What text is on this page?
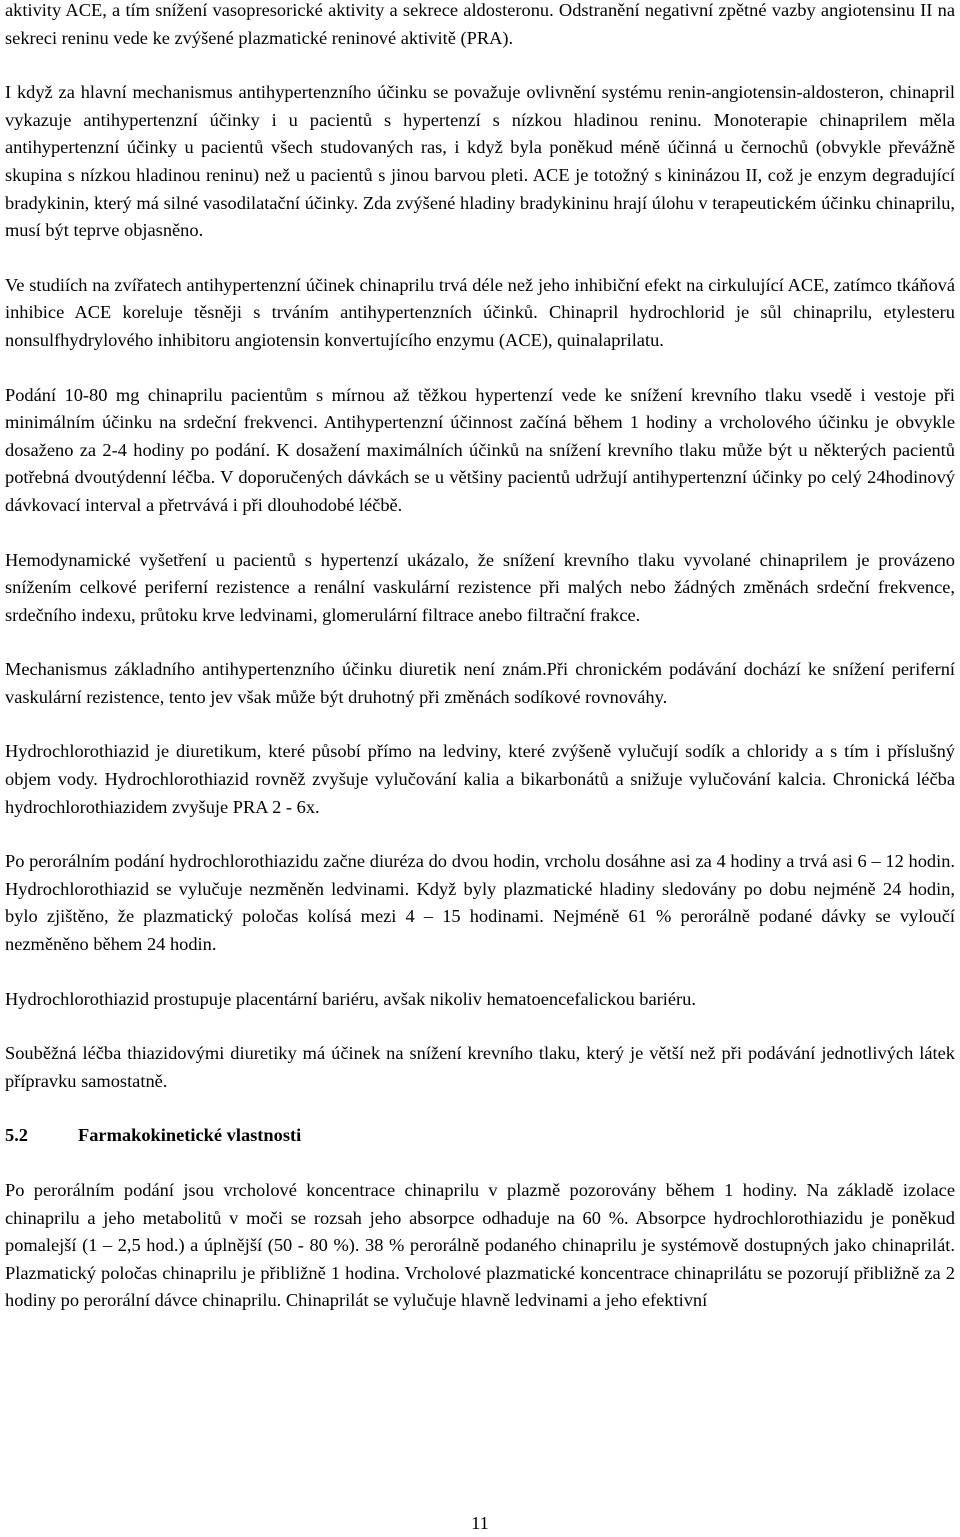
aktivity ACE, a tím snížení vasopresorické aktivity a sekrece aldosteronu. Odstranění negativní zpětné vazby angiotensinu II na sekreci reninu vede ke zvýšené plazmatické reninové aktivitě (PRA).

I když za hlavní mechanismus antihypertenzního účinku se považuje ovlivnění systému renin-angiotensin-aldosteron, chinapril vykazuje antihypertenzní účinky i u pacientů s hypertenzí s nízkou hladinou reninu. Monoterapie chinaprilem měla antihypertenzní účinky u pacientů všech studovaných ras, i když byla poněkud méně účinná u černochů (obvykle převážně skupina s nízkou hladinou reninu) než u pacientů s jinou barvou pleti. ACE je totožný s kininázou II, což je enzym degradující bradykinin, který má silné vasodilatační účinky. Zda zvýšené hladiny bradykininu hrají úlohu v terapeutickém účinku chinaprilu, musí být teprve objasněno.

Ve studiích na zvířatech antihypertenzní účinek chinaprilu trvá déle než jeho inhibiční efekt na cirkulující ACE, zatímco tkáňová inhibice ACE koreluje těsněji s trváním antihypertenzních účinků. Chinapril hydrochlorid je sůl chinaprilu, etylesteru nonsulfhydrylového inhibitoru angiotensin konvertujícího enzymu (ACE), quinalaprilatu.

Podání 10-80 mg chinaprilu pacientům s mírnou až těžkou hypertenzí vede ke snížení krevního tlaku vsedě i vestoje při minimálním účinku na srdeční frekvenci. Antihypertenzní účinnost začíná během 1 hodiny a vrcholového účinku je obvykle dosaženo za 2-4 hodiny po podání. K dosažení maximálních účinků na snížení krevního tlaku může být u některých pacientů potřebná dvoutýdenní léčba. V doporučených dávkách se u většiny pacientů udržují antihypertenzní účinky po celý 24hodinový dávkovací interval a přetrvává i při dlouhodobé léčbě.

Hemodynamické vyšetření u pacientů s hypertenzí ukázalo, že snížení krevního tlaku vyvolané chinaprilem je provázeno snížením celkové periferní rezistence a renální vaskulární rezistence při malých nebo žádných změnách srdeční frekvence, srdečního indexu, průtoku krve ledvinami, glomerulární filtrace anebo filtrační frakce.

Mechanismus základního antihypertenzního účinku diuretik není znám.Při chronickém podávání dochází ke snížení periferní vaskulární rezistence, tento jev však může být druhotný při změnách sodíkové rovnováhy.

Hydrochlorothiazid je diuretikum, které působí přímo na ledviny, které zvýšeně vylučují sodík a chloridy a s tím i příslušný objem vody. Hydrochlorothiazid rovněž zvyšuje vylučování kalia a bikarbonátů a snižuje vylučování kalcia. Chronická léčba hydrochlorothiazidem zvyšuje PRA 2 - 6x.

Po perorálním podání hydrochlorothiazidu začne diuréza do dvou hodin, vrcholu dosáhne asi za 4 hodiny a trvá asi 6 – 12 hodin. Hydrochlorothiazid se vylučuje nezměněn ledvinami. Když byly plazmatické hladiny sledovány po dobu nejméně 24 hodin, bylo zjištěno, že plazmatický poločas kolísá mezi 4 – 15 hodinami. Nejméně 61 % perorálně podané dávky se vyloučí nezměněno během 24 hodin.

Hydrochlorothiazid prostupuje placentární bariéru, avšak nikoliv hematoencefalickou bariéru.

Souběžná léčba thiazidovými diuretiky má účinek na snížení krevního tlaku, který je větší než při podávání jednotlivých látek přípravku samostatně.

5.2	Farmakokinetické vlastnosti

Po perorálním podání jsou vrcholové koncentrace chinaprilu v plazmě pozorovány během 1 hodiny. Na základě izolace chinaprilu a jeho metabolitů v moči se rozsah jeho absorpce odhaduje na 60 %. Absorpce hydrochlorothiazidu je poněkud pomalejší (1 – 2,5 hod.) a úplnější (50 - 80 %). 38 % perorálně podaného chinaprilu je systémově dostupných jako chinaprilát. Plazmatický poločas chinaprilu je přibližně 1 hodina. Vrcholové plazmatické koncentrace chinaprilátu se pozorují přibližně za 2 hodiny po perorální dávce chinaprilu. Chinaprilát se vylučuje hlavně ledvinami a jeho efektivní

11
